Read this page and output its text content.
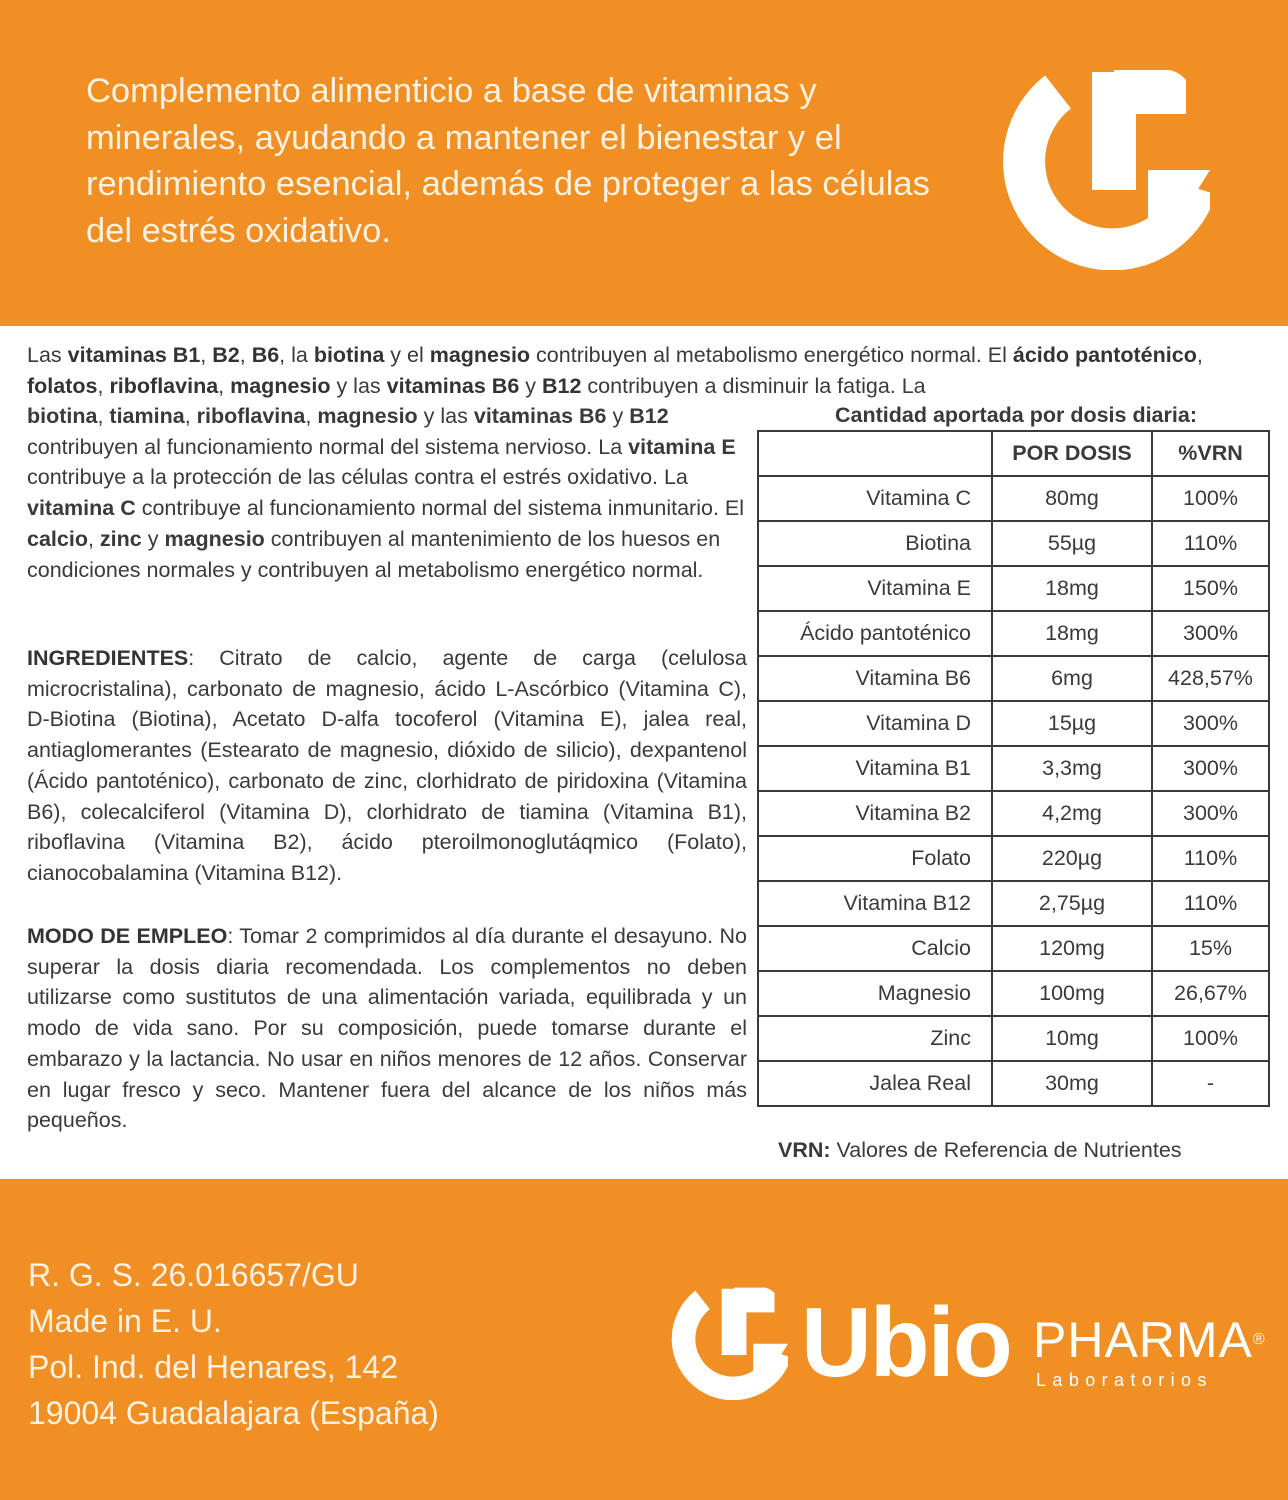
Complemento alimenticio a base de vitaminas y minerales, ayudando a mantener el bienestar y el rendimiento esencial, además de proteger a las células del estrés oxidativo.

Las vitaminas B1, B2, B6, la biotina y el magnesio contribuyen al metabolismo energético normal. El ácido pantoténico, folatos, riboflavina, magnesio y las vitaminas B6 y B12 contribuyen a disminuir la fatiga. La

biotina, tiamina, riboflavina, magnesio y las vitaminas B6 y B12 contribuyen al funcionamiento normal del sistema nervioso. La vitamina E contribuye a la protección de las células contra el estrés oxidativo. La vitamina C contribuye al funcionamiento normal del sistema inmunitario. El calcio, zinc y magnesio contribuyen al mantenimiento de los huesos en condiciones normales y contribuyen al metabolismo energético normal.

INGREDIENTES: Citrato de calcio, agente de carga (celulosa microcristalina), carbonato de magnesio, ácido L-Ascórbico (Vitamina C), D-Biotina (Biotina), Acetato D-alfa tocoferol (Vitamina E), jalea real, antiaglomerantes (Estearato de magnesio, dióxido de silicio), dexpantenol (Ácido pantoténico), carbonato de zinc, clorhidrato de piridoxina (Vitamina B6), colecalciferol (Vitamina D), clorhidrato de tiamina (Vitamina B1), riboflavina (Vitamina B2), ácido pteroilmonoglutáqmico (Folato), cianocobalamina (Vitamina B12).

MODO DE EMPLEO: Tomar 2 comprimidos al día durante el desayuno. No superar la dosis diaria recomendada. Los complementos no deben utilizarse como sustitutos de una alimentación variada, equilibrada y un modo de vida sano. Por su composición, puede tomarse durante el embarazo y la lactancia. No usar en niños menores de 12 años. Conservar en lugar fresco y seco. Mantener fuera del alcance de los niños más pequeños.

Cantidad aportada por dosis diaria:
	POR DOSIS	%VRN
Vitamina C	80mg	100%
Biotina	55µg	110%
Vitamina E	18mg	150%
Ácido pantoténico	18mg	300%
Vitamina B6	6mg	428,57%
Vitamina D	15µg	300%
Vitamina B1	3,3mg	300%
Vitamina B2	4,2mg	300%
Folato	220µg	110%
Vitamina B12	2,75µg	110%
Calcio	120mg	15%
Magnesio	100mg	26,67%
Zinc	10mg	100%
Jalea Real	30mg	-
VRN: Valores de Referencia de Nutrientes
R. G. S. 26.016657/GU
Made in E. U.
Pol. Ind. del Henares, 142
19004 Guadalajara (España)
Ubio PHARMA®
Laboratorios
